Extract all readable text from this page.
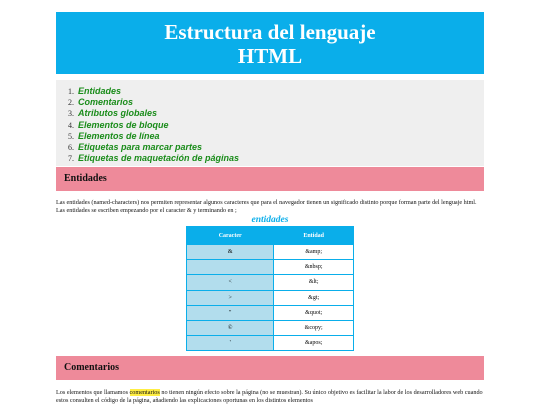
Estructura del lenguaje
HTML
1. Entidades
2. Comentarios
3. Atributos globales
4. Elementos de bloque
5. Elementos de línea
6. Etiquetas para marcar partes
7. Etiquetas de maquetación de páginas
Entidades
Las entidades (named-characters) nos permiten representar algunos caracteres que para el navegador tienen un significado distinto porque forman parte del lenguaje html. Las entidades se escriben empezando por el caracter & y terminando en ;
entidades
Caracter	Entidad
&	&amp;
	&nbsp;
<	&lt;
>	&gt;
"	&quot;
©	&copy;
'	&apos;
Comentarios
Los elementos que llamamos comentarios no tienen ningún efecto sobre la página (no se muestran). Su único objetivo es facilitar la labor de los desarrolladores web cuando estos consulten el código de la página, añadiendo las explicaciones oportunas en los distintos elementos
